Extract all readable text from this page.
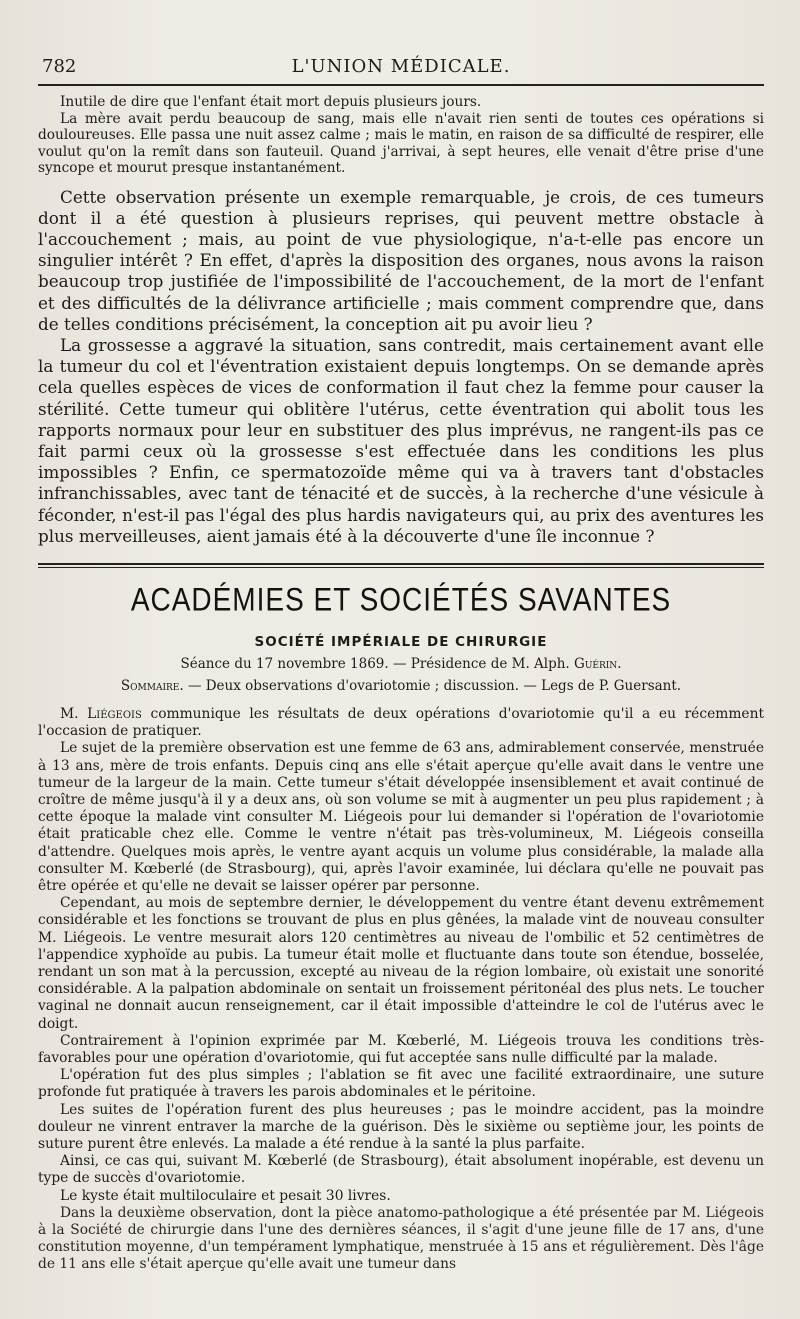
782	L'UNION MÉDICALE.

Inutile de dire que l'enfant était mort depuis plusieurs jours.

La mère avait perdu beaucoup de sang, mais elle n'avait rien senti de toutes ces opérations si douloureuses. Elle passa une nuit assez calme ; mais le matin, en raison de sa difficulté de respirer, elle voulut qu'on la remît dans son fauteuil. Quand j'arrivai, à sept heures, elle venait d'être prise d'une syncope et mourut presque instantanément.

Cette observation présente un exemple remarquable, je crois, de ces tumeurs dont il a été question à plusieurs reprises, qui peuvent mettre obstacle à l'accouchement ; mais, au point de vue physiologique, n'a-t-elle pas encore un singulier intérêt ? En effet, d'après la disposition des organes, nous avons la raison beaucoup trop justifiée de l'impossibilité de l'accouchement, de la mort de l'enfant et des difficultés de la délivrance artificielle ; mais comment comprendre que, dans de telles conditions précisément, la conception ait pu avoir lieu ?

La grossesse a aggravé la situation, sans contredit, mais certainement avant elle la tumeur du col et l'éventration existaient depuis longtemps. On se demande après cela quelles espèces de vices de conformation il faut chez la femme pour causer la stérilité. Cette tumeur qui oblitère l'utérus, cette éventration qui abolit tous les rapports normaux pour leur en substituer des plus imprévus, ne rangent-ils pas ce fait parmi ceux où la grossesse s'est effectuée dans les conditions les plus impossibles ? Enfin, ce spermatozoïde même qui va à travers tant d'obstacles infranchissables, avec tant de ténacité et de succès, à la recherche d'une vésicule à féconder, n'est-il pas l'égal des plus hardis navigateurs qui, au prix des aventures les plus merveilleuses, aient jamais été à la découverte d'une île inconnue ?

ACADÉMIES ET SOCIÉTÉS SAVANTES
SOCIÉTÉ IMPÉRIALE DE CHIRURGIE
Séance du 17 novembre 1869. — Présidence de M. Alph. Guérin.
Sommaire. — Deux observations d'ovariotomie ; discussion. — Legs de P. Guersant.

M. Liégeois communique les résultats de deux opérations d'ovariotomie qu'il a eu récemment l'occasion de pratiquer.

Le sujet de la première observation est une femme de 63 ans, admirablement conservée, menstruée à 13 ans, mère de trois enfants. Depuis cinq ans elle s'était aperçue qu'elle avait dans le ventre une tumeur de la largeur de la main. Cette tumeur s'était développée insensiblement et avait continué de croître de même jusqu'à il y a deux ans, où son volume se mit à augmenter un peu plus rapidement ; à cette époque la malade vint consulter M. Liégeois pour lui demander si l'opération de l'ovariotomie était praticable chez elle. Comme le ventre n'était pas très-volumineux, M. Liégeois conseilla d'attendre. Quelques mois après, le ventre ayant acquis un volume plus considérable, la malade alla consulter M. Kœberlé (de Strasbourg), qui, après l'avoir examinée, lui déclara qu'elle ne pouvait pas être opérée et qu'elle ne devait se laisser opérer par personne.

Cependant, au mois de septembre dernier, le développement du ventre étant devenu extrêmement considérable et les fonctions se trouvant de plus en plus gênées, la malade vint de nouveau consulter M. Liégeois. Le ventre mesurait alors 120 centimètres au niveau de l'ombilic et 52 centimètres de l'appendice xyphoïde au pubis. La tumeur était molle et fluctuante dans toute son étendue, bosselée, rendant un son mat à la percussion, excepté au niveau de la région lombaire, où existait une sonorité considérable. A la palpation abdominale on sentait un froissement péritonéal des plus nets. Le toucher vaginal ne donnait aucun renseignement, car il était impossible d'atteindre le col de l'utérus avec le doigt.

Contrairement à l'opinion exprimée par M. Kœberlé, M. Liégeois trouva les conditions très-favorables pour une opération d'ovariotomie, qui fut acceptée sans nulle difficulté par la malade.

L'opération fut des plus simples ; l'ablation se fit avec une facilité extraordinaire, une suture profonde fut pratiquée à travers les parois abdominales et le péritoine.

Les suites de l'opération furent des plus heureuses ; pas le moindre accident, pas la moindre douleur ne vinrent entraver la marche de la guérison. Dès le sixième ou septième jour, les points de suture purent être enlevés. La malade a été rendue à la santé la plus parfaite.

Ainsi, ce cas qui, suivant M. Kœberlé (de Strasbourg), était absolument inopérable, est devenu un type de succès d'ovariotomie.

Le kyste était multiloculaire et pesait 30 livres.

Dans la deuxième observation, dont la pièce anatomo-pathologique a été présentée par M. Liégeois à la Société de chirurgie dans l'une des dernières séances, il s'agit d'une jeune fille de 17 ans, d'une constitution moyenne, d'un tempérament lymphatique, menstruée à 15 ans et régulièrement. Dès l'âge de 11 ans elle s'était aperçue qu'elle avait une tumeur dans
